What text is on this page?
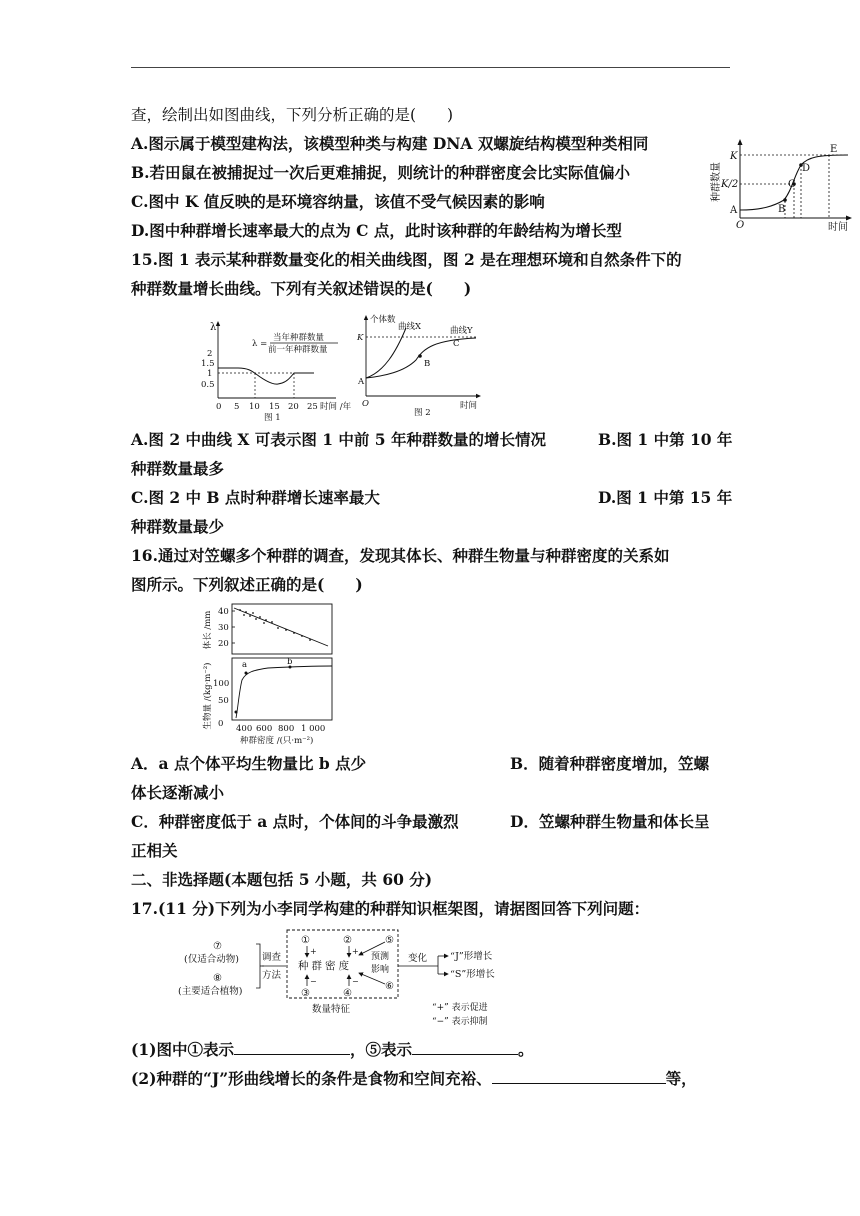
查，绘制出如图曲线，下列分析正确的是(　　)
A.图示属于模型建构法，该模型种类与构建 DNA 双螺旋结构模型种类相同
B.若田鼠在被捕捉过一次后更难捕捉，则统计的种群密度会比实际值偏小
C.图中 K 值反映的是环境容纳量，该值不受气候因素的影响
D.图中种群增长速率最大的点为 C 点，此时该种群的年龄结构为增长型
种群数量
O	时间
K
K/2
A	B
C
D
E
15.图 1 表示某种群数量变化的相关曲线图，图 2 是在理想环境和自然条件下的
种群数量增长曲线。下列有关叙述错误的是(　　)
λ
λ =
当年种群数量
前一年种群数量
2
1.5
1
0.5
0 5 10 15 20 25 时间 /年
图 1
个体数
曲线X	曲线Y
K
A
B
C
O	时间
图 2
A.图 2 中曲线 X 可表示图 1 中前 5 年种群数量的增长情况	B.图 1 中第 10 年
种群数量最多
C.图 2 中 B 点时种群增长速率最大	D.图 1 中第 15 年
种群数量最少
16.通过对笠螺多个种群的调查，发现其体长、种群生物量与种群密度的关系如
图所示。下列叙述正确的是(　　)
体长 /mm 40
30
20
生物量 /(kg·m⁻²) 100
50
0
a	b
400 600 800 1 000
种群密度 /(只·m⁻²)
A．a 点个体平均生物量比 b 点少	B．随着种群密度增加，笠螺
体长逐渐减小
C．种群密度低于 a 点时，个体间的斗争最激烈	D．笠螺种群生物量和体长呈
正相关
二、非选择题(本题包括 5 小题，共 60 分)
17.(11 分)下列为小李同学构建的种群知识框架图，请据图回答下列问题：
⑦
(仅适合动物)
⑧
(主要适合植物)
调查
方法
①	②
+	+
种群密度
−	−
③	④
⑤
⑥
预测
影响
变化 “J”形增长
“S”形增长
数量特征	“+” 表示促进
“−” 表示抑制
(1)图中①表示	，⑤表示	。
(2)种群的“J”形曲线增长的条件是食物和空间充裕、	等，
